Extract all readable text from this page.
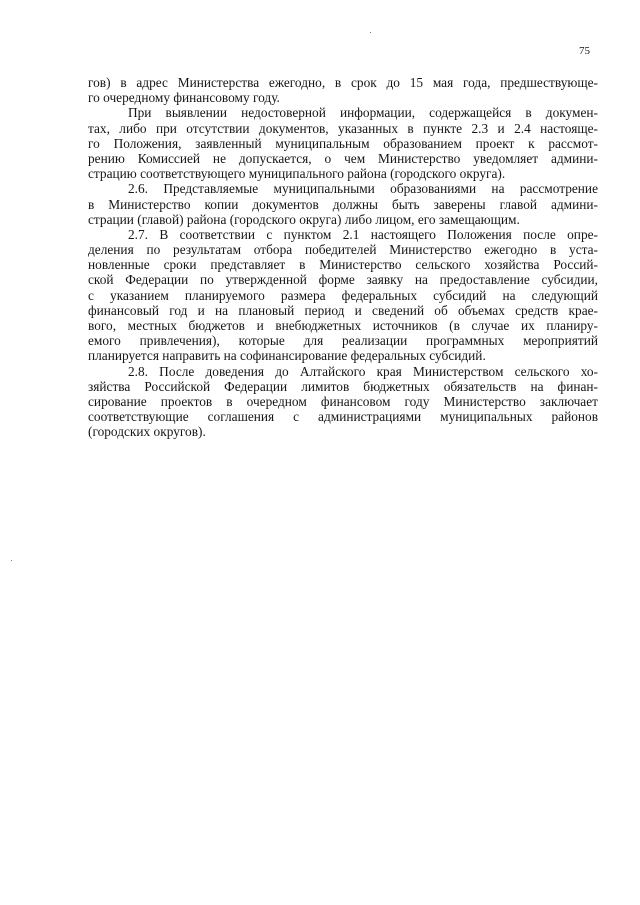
75

гов) в адрес Министерства ежегодно, в срок до 15 мая года, предшествующе-
го очередному финансовому году.

При выявлении недостоверной информации, содержащейся в докумен-
тах, либо при отсутствии документов, указанных в пункте 2.3 и 2.4 настояще-
го Положения, заявленный муниципальным образованием проект к рассмот-
рению Комиссией не допускается, о чем Министерство уведомляет админи-
страцию соответствующего муниципального района (городского округа).

2.6. Представляемые муниципальными образованиями на рассмотрение
в Министерство копии документов должны быть заверены главой админи-
страции (главой) района (городского округа) либо лицом, его замещающим.

2.7. В соответствии с пунктом 2.1 настоящего Положения после опре-
деления по результатам отбора победителей Министерство ежегодно в уста-
новленные сроки представляет в Министерство сельского хозяйства Россий-
ской Федерации по утвержденной форме заявку на предоставление субсидии,
с указанием планируемого размера федеральных субсидий на следующий
финансовый год и на плановый период и сведений об объемах средств крае-
вого, местных бюджетов и внебюджетных источников (в случае их планиру-
емого привлечения), которые для реализации программных мероприятий
планируется направить на софинансирование федеральных субсидий.

2.8. После доведения до Алтайского края Министерством сельского хо-
зяйства Российской Федерации лимитов бюджетных обязательств на финан-
сирование проектов в очередном финансовом году Министерство заключает
соответствующие соглашения с администрациями муниципальных районов
(городских округов).
